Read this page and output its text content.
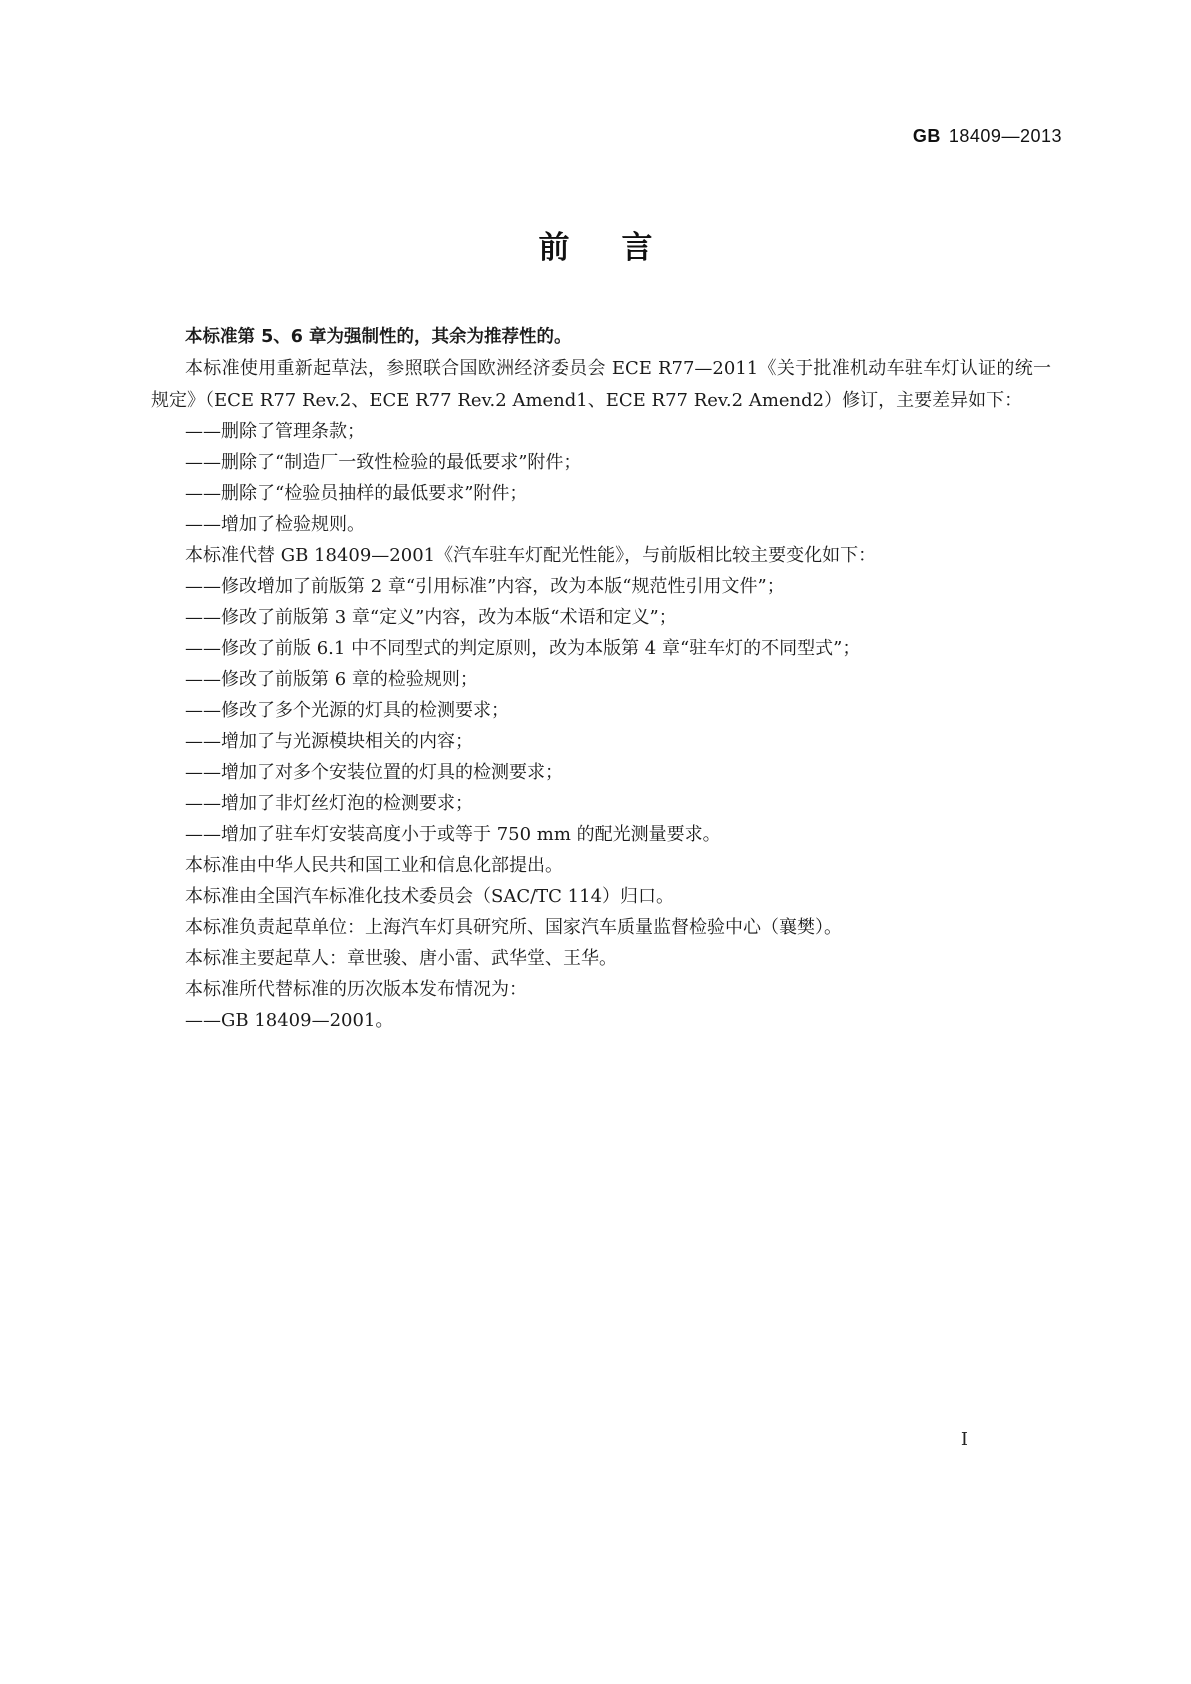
GB 18409—2013
前言

本标准第 5、6 章为强制性的，其余为推荐性的。

本标准使用重新起草法，参照联合国欧洲经济委员会 ECE R77—2011《关于批准机动车驻车灯认证的统一规定》（ECE R77 Rev.2、ECE R77 Rev.2 Amend1、ECE R77 Rev.2 Amend2）修订，主要差异如下：

——删除了管理条款；

——删除了“制造厂一致性检验的最低要求”附件；

——删除了“检验员抽样的最低要求”附件；

——增加了检验规则。

本标准代替 GB 18409—2001《汽车驻车灯配光性能》，与前版相比较主要变化如下：

——修改增加了前版第 2 章“引用标准”内容，改为本版“规范性引用文件”；

——修改了前版第 3 章“定义”内容，改为本版“术语和定义”；

——修改了前版 6.1 中不同型式的判定原则，改为本版第 4 章“驻车灯的不同型式”；

——修改了前版第 6 章的检验规则；

——修改了多个光源的灯具的检测要求；

——增加了与光源模块相关的内容；

——增加了对多个安装位置的灯具的检测要求；

——增加了非灯丝灯泡的检测要求；

——增加了驻车灯安装高度小于或等于 750 mm 的配光测量要求。

本标准由中华人民共和国工业和信息化部提出。

本标准由全国汽车标准化技术委员会（SAC/TC 114）归口。

本标准负责起草单位：上海汽车灯具研究所、国家汽车质量监督检验中心（襄樊）。

本标准主要起草人：章世骏、唐小雷、武华堂、王华。

本标准所代替标准的历次版本发布情况为：

——GB 18409—2001。

I
